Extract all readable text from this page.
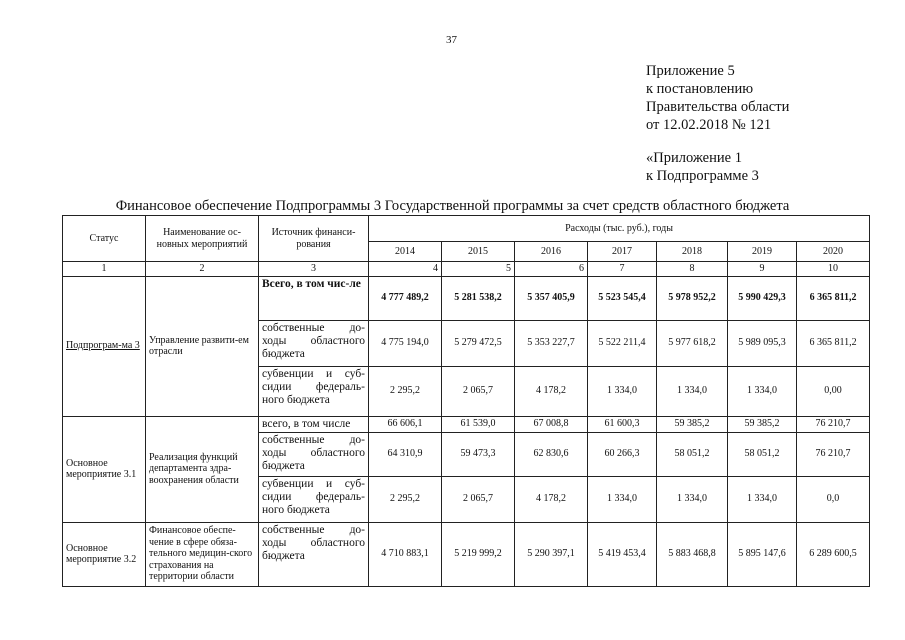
37
Приложение 5
к постановлению
Правительства области
от 12.02.2018 № 121
«Приложение 1
к Подпрограмме 3
Финансовое обеспечение Подпрограммы 3 Государственной программы за счет средств областного бюджета
Статус	Наименование ос-новных мероприятий	Источник финанси-рования	Расходы (тыс. руб.), годы						
			2014	2015	2016	2017	2018	2019	2020
1	2	3	4	5	6	7	8	9	10
Подпрограм-ма 3	Управление развити-ем отрасли	Всего, в том чис-ле	4 777 489,2	5 281 538,2	5 357 405,9	5 523 545,4	5 978 952,2	5 990 429,3	6 365 811,2
		собственные до-ходы областного бюджета	4 775 194,0	5 279 472,5	5 353 227,7	5 522 211,4	5 977 618,2	5 989 095,3	6 365 811,2
		субвенции и суб-сидии федераль-ного бюджета	2 295,2	2 065,7	4 178,2	1 334,0	1 334,0	1 334,0	0,00
Основное мероприятие 3.1	Реализация функций департамента здра-воохранения области	всего, в том числе	66 606,1	61 539,0	67 008,8	61 600,3	59 385,2	59 385,2	76 210,7
		собственные до-ходы областного бюджета	64 310,9	59 473,3	62 830,6	60 266,3	58 051,2	58 051,2	76 210,7
		субвенции и суб-сидии федераль-ного бюджета	2 295,2	2 065,7	4 178,2	1 334,0	1 334,0	1 334,0	0,0
Основное мероприятие 3.2	Финансовое обеспе-чение в сфере обяза-тельного медицин-ского страхования на территории области	собственные до-ходы областного бюджета	4 710 883,1	5 219 999,2	5 290 397,1	5 419 453,4	5 883 468,8	5 895 147,6	6 289 600,5
